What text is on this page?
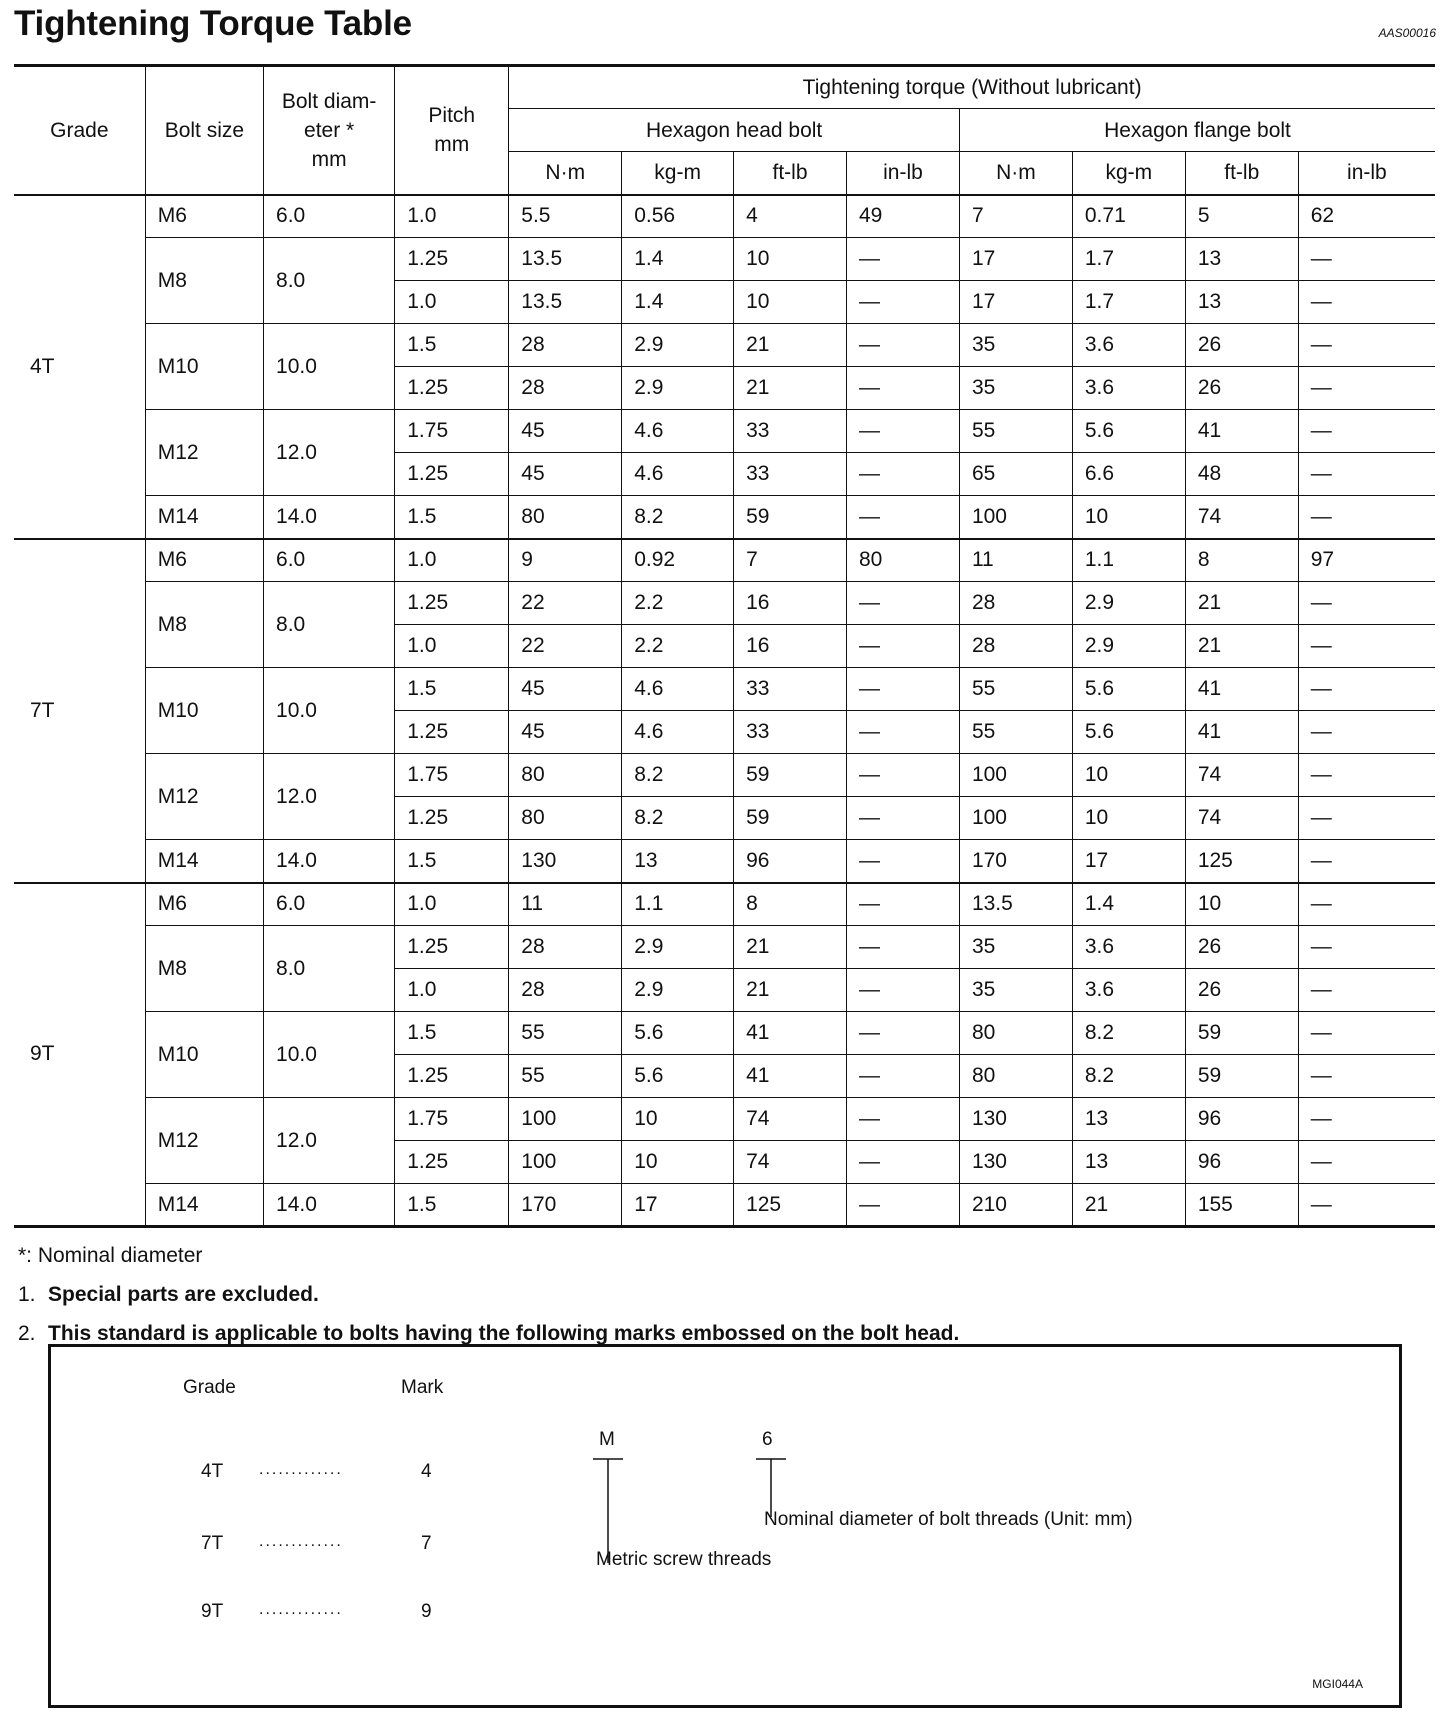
Tightening Torque Table	AAS00016
Grade	Bolt size	Bolt diam-
eter *
mm	Pitch
mm	Tightening torque (Without lubricant)							
				Hexagon head bolt				Hexagon flange bolt			
				N·m	kg-m	ft-lb	in-lb	N·m	kg-m	ft-lb	in-lb
4T	M6	6.0	1.0	5.5	0.56	4	49	7	0.71	5	62
	M8	8.0	1.25	13.5	1.4	10	—	17	1.7	13	—
			1.0	13.5	1.4	10	—	17	1.7	13	—
	M10	10.0	1.5	28	2.9	21	—	35	3.6	26	—
			1.25	28	2.9	21	—	35	3.6	26	—
	M12	12.0	1.75	45	4.6	33	—	55	5.6	41	—
			1.25	45	4.6	33	—	65	6.6	48	—
	M14	14.0	1.5	80	8.2	59	—	100	10	74	—
7T	M6	6.0	1.0	9	0.92	7	80	11	1.1	8	97
	M8	8.0	1.25	22	2.2	16	—	28	2.9	21	—
			1.0	22	2.2	16	—	28	2.9	21	—
	M10	10.0	1.5	45	4.6	33	—	55	5.6	41	—
			1.25	45	4.6	33	—	55	5.6	41	—
	M12	12.0	1.75	80	8.2	59	—	100	10	74	—
			1.25	80	8.2	59	—	100	10	74	—
	M14	14.0	1.5	130	13	96	—	170	17	125	—
9T	M6	6.0	1.0	11	1.1	8	—	13.5	1.4	10	—
	M8	8.0	1.25	28	2.9	21	—	35	3.6	26	—
			1.0	28	2.9	21	—	35	3.6	26	—
	M10	10.0	1.5	55	5.6	41	—	80	8.2	59	—
			1.25	55	5.6	41	—	80	8.2	59	—
	M12	12.0	1.75	100	10	74	—	130	13	96	—
			1.25	100	10	74	—	130	13	96	—
	M14	14.0	1.5	170	17	125	—	210	21	155	—
*: Nominal diameter
1. Special parts are excluded.
2. This standard is applicable to bolts having the following marks embossed on the bolt head.
Grade	Mark
4T .............	4
7T .............	7
9T .............	9
M	6
Nominal diameter of bolt threads (Unit: mm)
Metric screw threads
MGI044A
